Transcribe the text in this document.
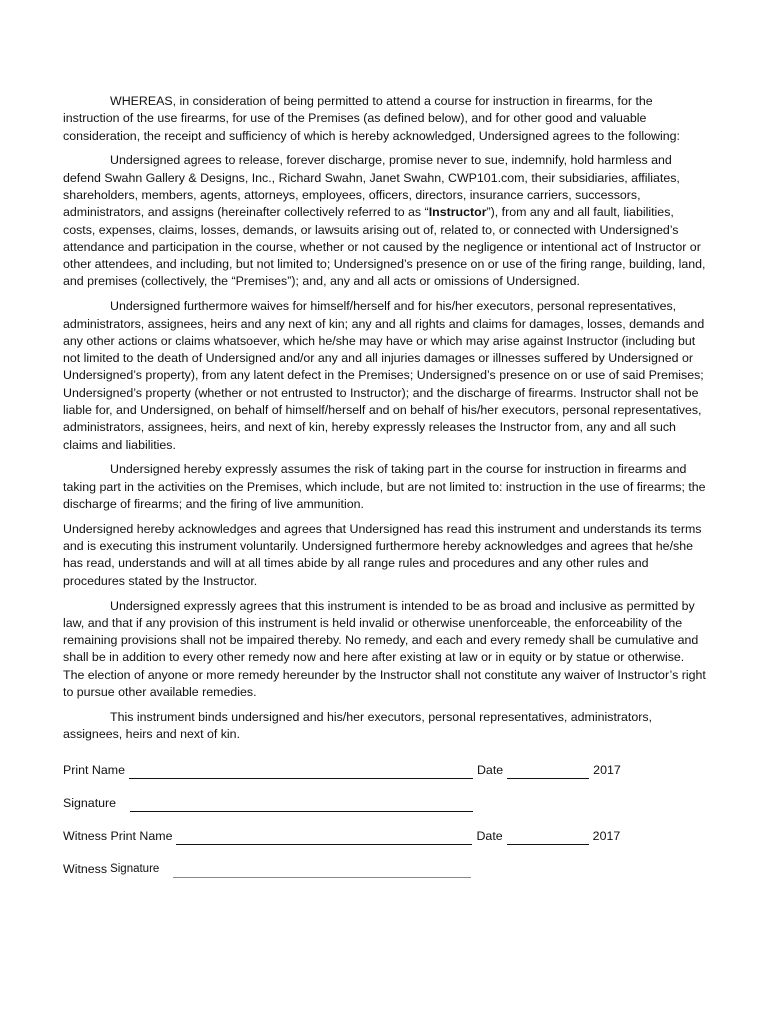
WHEREAS, in consideration of being permitted to attend a course for instruction in firearms, for the instruction of the use firearms, for use of the Premises (as defined below), and for other good and valuable consideration, the receipt and sufficiency of which is hereby acknowledged, Undersigned agrees to the following:

Undersigned agrees to release, forever discharge, promise never to sue, indemnify, hold harmless and defend Swahn Gallery & Designs, Inc., Richard Swahn, Janet Swahn, CWP101.com, their subsidiaries, affiliates, shareholders, members, agents, attorneys, employees, officers, directors, insurance carriers, successors, administrators, and assigns (hereinafter collectively referred to as “Instructor”), from any and all fault, liabilities, costs, expenses, claims, losses, demands, or lawsuits arising out of, related to, or connected with Undersigned’s attendance and participation in the course, whether or not caused by the negligence or intentional act of Instructor or other attendees, and including, but not limited to; Undersigned’s presence on or use of the firing range, building, land, and premises (collectively, the “Premises”); and, any and all acts or omissions of Undersigned.

Undersigned furthermore waives for himself/herself and for his/her executors, personal representatives, administrators, assignees, heirs and any next of kin; any and all rights and claims for damages, losses, demands and any other actions or claims whatsoever, which he/she may have or which may arise against Instructor (including but not limited to the death of Undersigned and/or any and all injuries damages or illnesses suffered by Undersigned or Undersigned’s property), from any latent defect in the Premises; Undersigned’s presence on or use of said Premises; Undersigned’s property (whether or not entrusted to Instructor); and the discharge of firearms. Instructor shall not be liable for, and Undersigned, on behalf of himself/herself and on behalf of his/her executors, personal representatives, administrators, assignees, heirs, and next of kin, hereby expressly releases the Instructor from, any and all such claims and liabilities.

Undersigned hereby expressly assumes the risk of taking part in the course for instruction in firearms and taking part in the activities on the Premises, which include, but are not limited to: instruction in the use of firearms; the discharge of firearms; and the firing of live ammunition.

Undersigned hereby acknowledges and agrees that Undersigned has read this instrument and understands its terms and is executing this instrument voluntarily. Undersigned furthermore hereby acknowledges and agrees that he/she has read, understands and will at all times abide by all range rules and procedures and any other rules and procedures stated by the Instructor.

Undersigned expressly agrees that this instrument is intended to be as broad and inclusive as permitted by law, and that if any provision of this instrument is held invalid or otherwise unenforceable, the enforceability of the remaining provisions shall not be impaired thereby. No remedy, and each and every remedy shall be cumulative and shall be in addition to every other remedy now and here after existing at law or in equity or by statue or otherwise. The election of anyone or more remedy hereunder by the Instructor shall not constitute any waiver of Instructor’s right to pursue other available remedies.

This instrument binds undersigned and his/her executors, personal representatives, administrators, assignees, heirs and next of kin.

Print Name	Date	2017
Signature
Witness Print Name	Date	2017
Witness Signature
